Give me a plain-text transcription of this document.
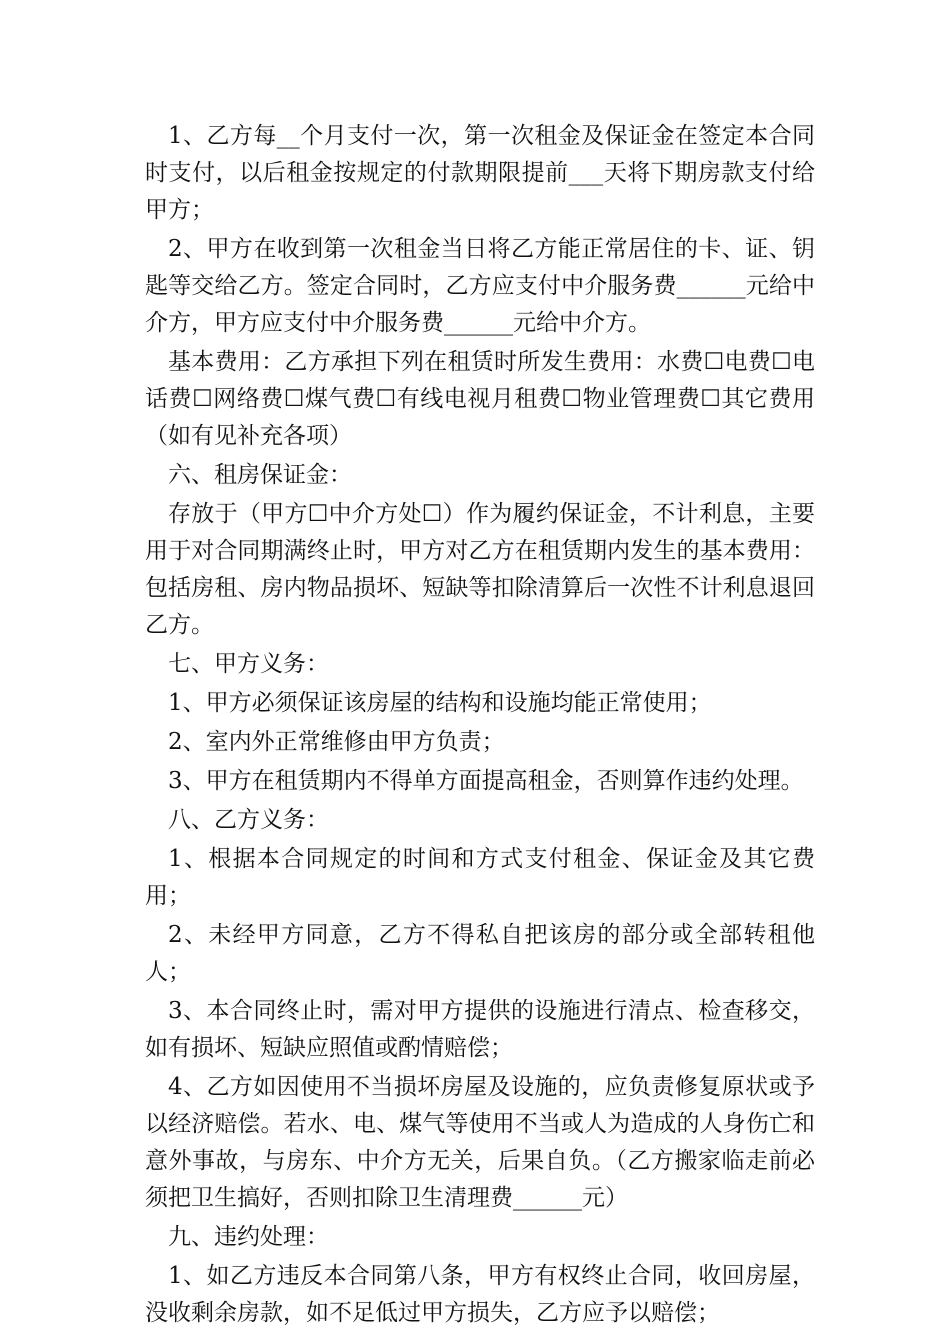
1、乙方每__个月支付一次，第一次租金及保证金在签定本合同时支付，以后租金按规定的付款期限提前___天将下期房款支付给甲方；

2、甲方在收到第一次租金当日将乙方能正常居住的卡、证、钥匙等交给乙方。签定合同时，乙方应支付中介服务费______元给中介方，甲方应支付中介服务费______元给中介方。

基本费用：乙方承担下列在租赁时所发生费用：水费☐电费☐电话费☐网络费☐煤气费☐有线电视月租费☐物业管理费☐其它费用（如有见补充各项）

六、租房保证金：

存放于（甲方☐中介方处☐）作为履约保证金，不计利息，主要用于对合同期满终止时，甲方对乙方在租赁期内发生的基本费用：包括房租、房内物品损坏、短缺等扣除清算后一次性不计利息退回乙方。

七、甲方义务：

1、甲方必须保证该房屋的结构和设施均能正常使用；

2、室内外正常维修由甲方负责；

3、甲方在租赁期内不得单方面提高租金，否则算作违约处理。

八、乙方义务：

1、根据本合同规定的时间和方式支付租金、保证金及其它费用；

2、未经甲方同意，乙方不得私自把该房的部分或全部转租他人；

3、本合同终止时，需对甲方提供的设施进行清点、检查移交，如有损坏、短缺应照值或酌情赔偿；

4、乙方如因使用不当损坏房屋及设施的，应负责修复原状或予以经济赔偿。若水、电、煤气等使用不当或人为造成的人身伤亡和意外事故，与房东、中介方无关，后果自负。（乙方搬家临走前必须把卫生搞好，否则扣除卫生清理费______元）

九、违约处理：

1、如乙方违反本合同第八条，甲方有权终止合同，收回房屋，没收剩余房款，如不足低过甲方损失，乙方应予以赔偿；
